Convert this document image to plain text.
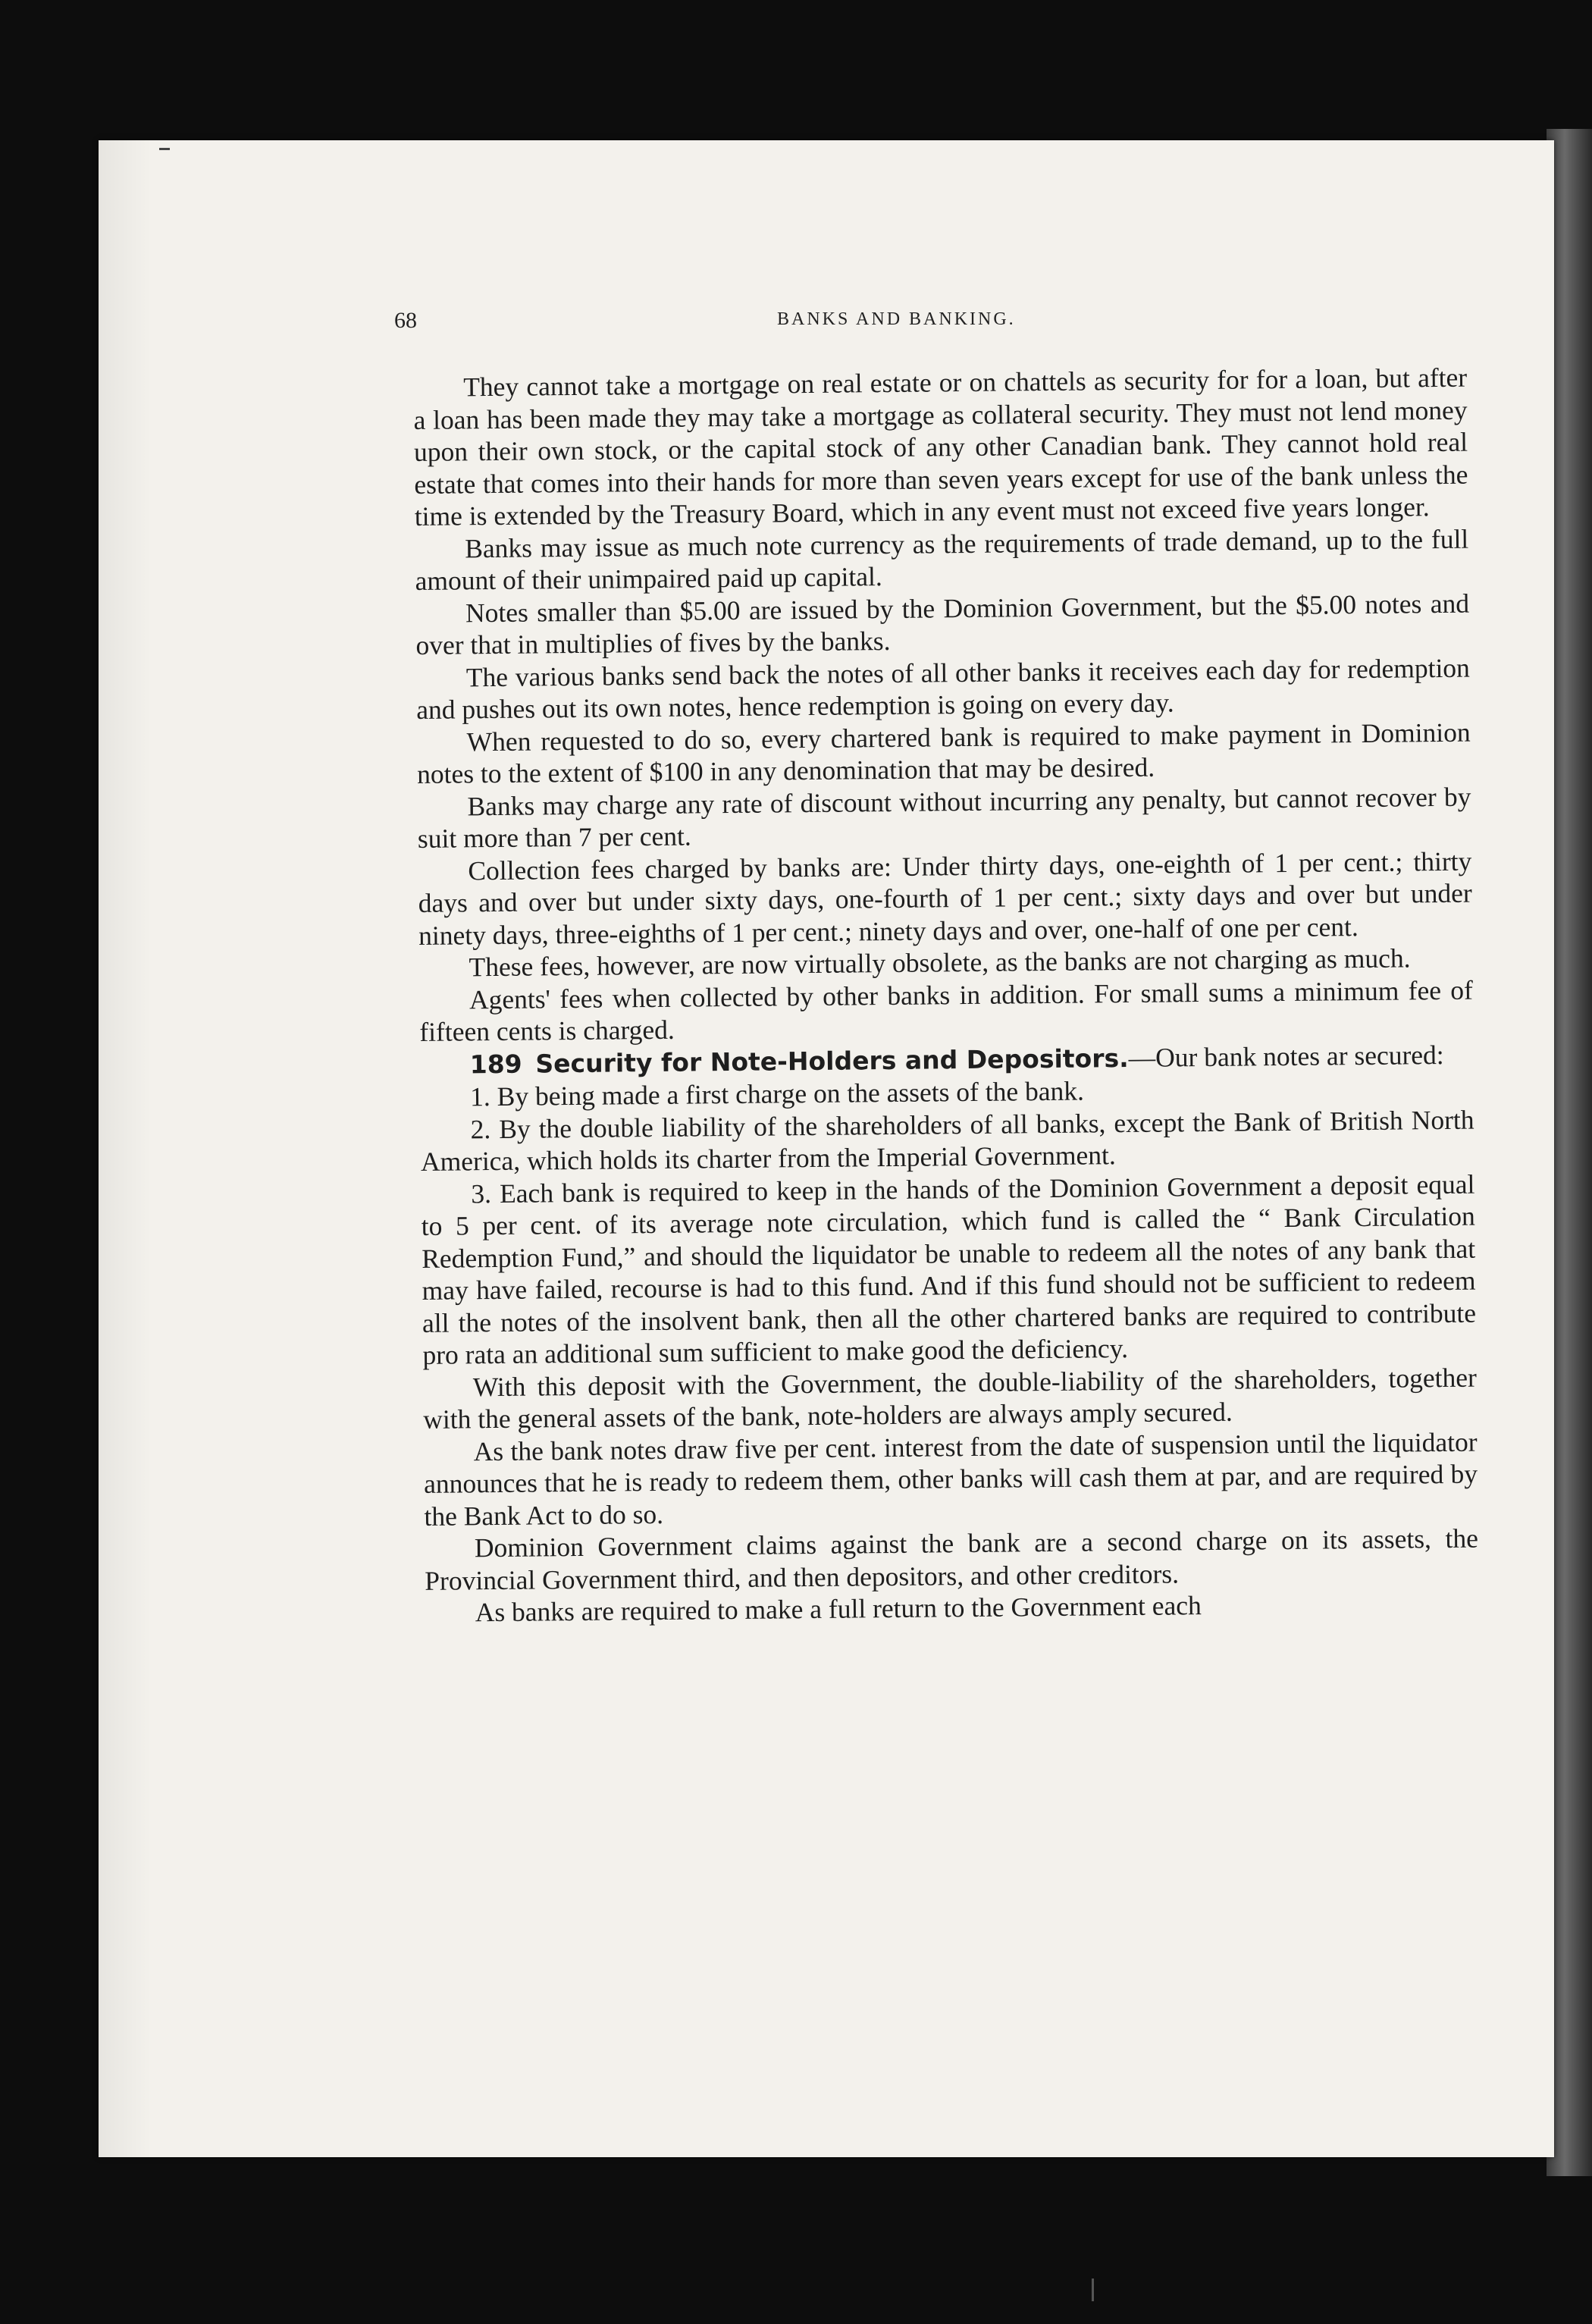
68	BANKS AND BANKING.

They cannot take a mortgage on real estate or on chattels as security for for a loan, but after a loan has been made they may take a mortgage as collateral security. They must not lend money upon their own stock, or the capital stock of any other Canadian bank. They cannot hold real estate that comes into their hands for more than seven years except for use of the bank unless the time is extended by the Treasury Board, which in any event must not exceed five years longer.

Banks may issue as much note currency as the requirements of trade demand, up to the full amount of their unimpaired paid up capital.

Notes smaller than $5.00 are issued by the Dominion Government, but the $5.00 notes and over that in multiplies of fives by the banks.

The various banks send back the notes of all other banks it receives each day for redemption and pushes out its own notes, hence redemption is going on every day.

When requested to do so, every chartered bank is required to make payment in Dominion notes to the extent of $100 in any denomination that may be desired.

Banks may charge any rate of discount without incurring any penalty, but cannot recover by suit more than 7 per cent.

Collection fees charged by banks are: Under thirty days, one-eighth of 1 per cent.; thirty days and over but under sixty days, one-fourth of 1 per cent.; sixty days and over but under ninety days, three-eighths of 1 per cent.; ninety days and over, one-half of one per cent.

These fees, however, are now virtually obsolete, as the banks are not charging as much.

Agents' fees when collected by other banks in addition. For small sums a minimum fee of fifteen cents is charged.

189 Security for Note-Holders and Depositors.—Our bank notes ar secured:

1. By being made a first charge on the assets of the bank.

2. By the double liability of the shareholders of all banks, except the Bank of British North America, which holds its charter from the Imperial Government.

3. Each bank is required to keep in the hands of the Dominion Government a deposit equal to 5 per cent. of its average note circulation, which fund is called the “ Bank Circulation Redemption Fund,” and should the liquidator be unable to redeem all the notes of any bank that may have failed, recourse is had to this fund. And if this fund should not be sufficient to redeem all the notes of the insolvent bank, then all the other chartered banks are required to contribute pro rata an additional sum sufficient to make good the deficiency.

With this deposit with the Government, the double-liability of the shareholders, together with the general assets of the bank, note-holders are always amply secured.

As the bank notes draw five per cent. interest from the date of suspension until the liquidator announces that he is ready to redeem them, other banks will cash them at par, and are required by the Bank Act to do so.

Dominion Government claims against the bank are a second charge on its assets, the Provincial Government third, and then depositors, and other creditors.

As banks are required to make a full return to the Government each
